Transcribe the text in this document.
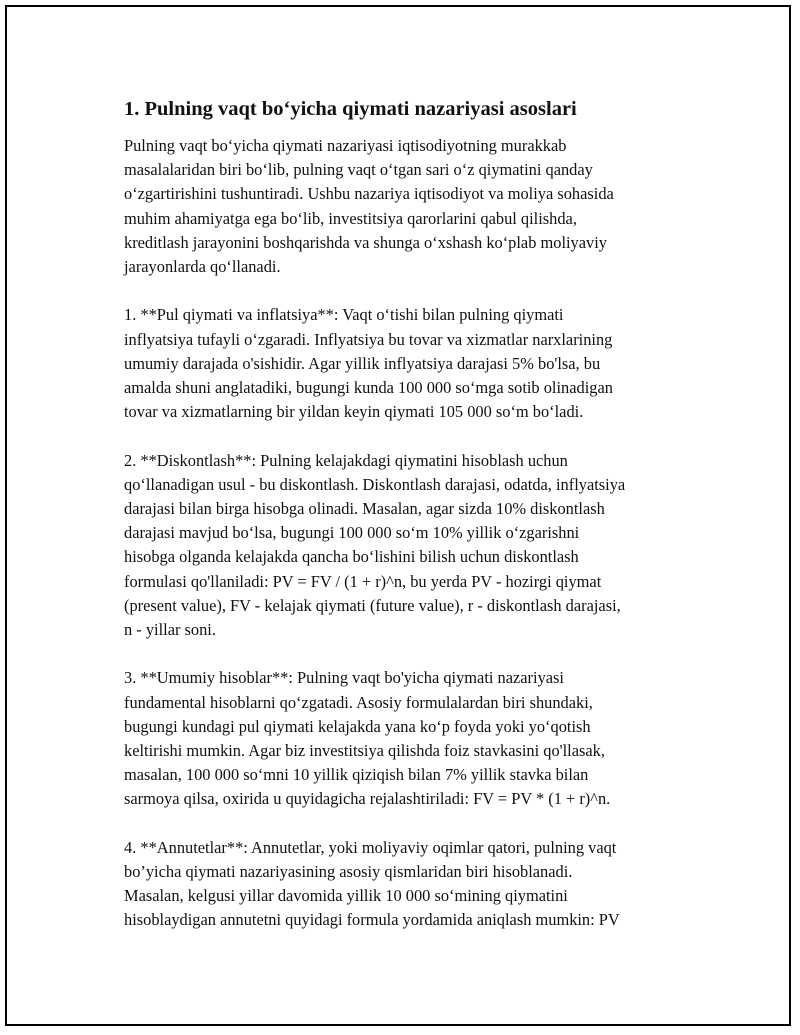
1. Pulning vaqt bo‘yicha qiymati nazariyasi asoslari

Pulning vaqt bo‘yicha qiymati nazariyasi iqtisodiyotning murakkab
masalalaridan biri bo‘lib, pulning vaqt o‘tgan sari o‘z qiymatini qanday
o‘zgartirishini tushuntiradi. Ushbu nazariya iqtisodiyot va moliya sohasida
muhim ahamiyatga ega bo‘lib, investitsiya qarorlarini qabul qilishda,
kreditlash jarayonini boshqarishda va shunga o‘xshash ko‘plab moliyaviy
jarayonlarda qo‘llanadi.

1. **Pul qiymati va inflatsiya**: Vaqt o‘tishi bilan pulning qiymati
inflyatsiya tufayli o‘zgaradi. Inflyatsiya bu tovar va xizmatlar narxlarining
umumiy darajada o'sishidir. Agar yillik inflyatsiya darajasi 5% bo'lsa, bu
amalda shuni anglatadiki, bugungi kunda 100 000 so‘mga sotib olinadigan
tovar va xizmatlarning bir yildan keyin qiymati 105 000 so‘m bo‘ladi.

2. **Diskontlash**: Pulning kelajakdagi qiymatini hisoblash uchun
qo‘llanadigan usul - bu diskontlash. Diskontlash darajasi, odatda, inflyatsiya
darajasi bilan birga hisobga olinadi. Masalan, agar sizda 10% diskontlash
darajasi mavjud bo‘lsa, bugungi 100 000 so‘m 10% yillik o‘zgarishni
hisobga olganda kelajakda qancha bo‘lishini bilish uchun diskontlash
formulasi qo'llaniladi: PV = FV / (1 + r)^n, bu yerda PV - hozirgi qiymat
(present value), FV - kelajak qiymati (future value), r - diskontlash darajasi,
n - yillar soni.

3. **Umumiy hisoblar**: Pulning vaqt bo'yicha qiymati nazariyasi
fundamental hisoblarni qo‘zgatadi. Asosiy formulalardan biri shundaki,
bugungi kundagi pul qiymati kelajakda yana ko‘p foyda yoki yo‘qotish
keltirishi mumkin. Agar biz investitsiya qilishda foiz stavkasini qo'llasak,
masalan, 100 000 so‘mni 10 yillik qiziqish bilan 7% yillik stavka bilan
sarmoya qilsa, oxirida u quyidagicha rejalashtiriladi: FV = PV * (1 + r)^n.

4. **Annutetlar**: Annutetlar, yoki moliyaviy oqimlar qatori, pulning vaqt
bo’yicha qiymati nazariyasining asosiy qismlaridan biri hisoblanadi.
Masalan, kelgusi yillar davomida yillik 10 000 so‘mining qiymatini
hisoblaydigan annutetni quyidagi formula yordamida aniqlash mumkin: PV
